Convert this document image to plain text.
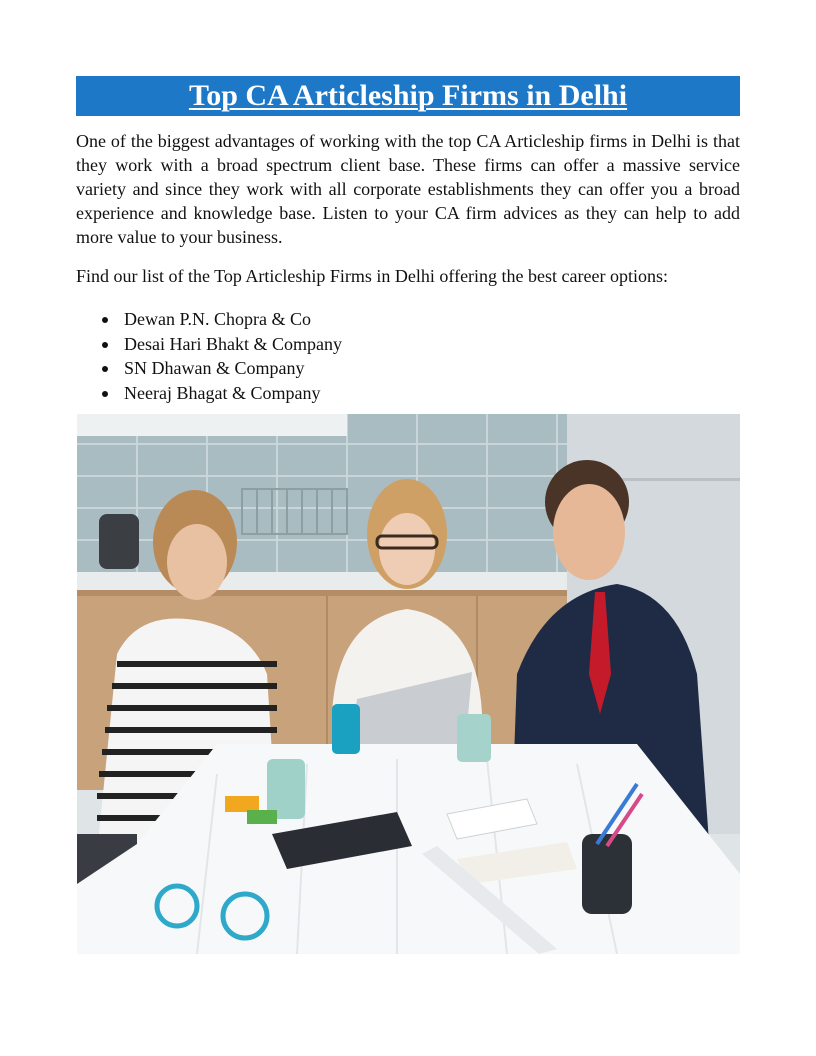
Top CA Articleship Firms in Delhi

One of the biggest advantages of working with the top CA Articleship firms in Delhi is that they work with a broad spectrum client base. These firms can offer a massive service variety and since they work with all corporate establishments they can offer you a broad experience and knowledge base. Listen to your CA firm advices as they can help to add more value to your business.

Find our list of the Top Articleship Firms in Delhi offering the best career options:

Dewan P.N. Chopra & Co
Desai Hari Bhakt & Company
SN Dhawan & Company
Neeraj Bhagat & Company
